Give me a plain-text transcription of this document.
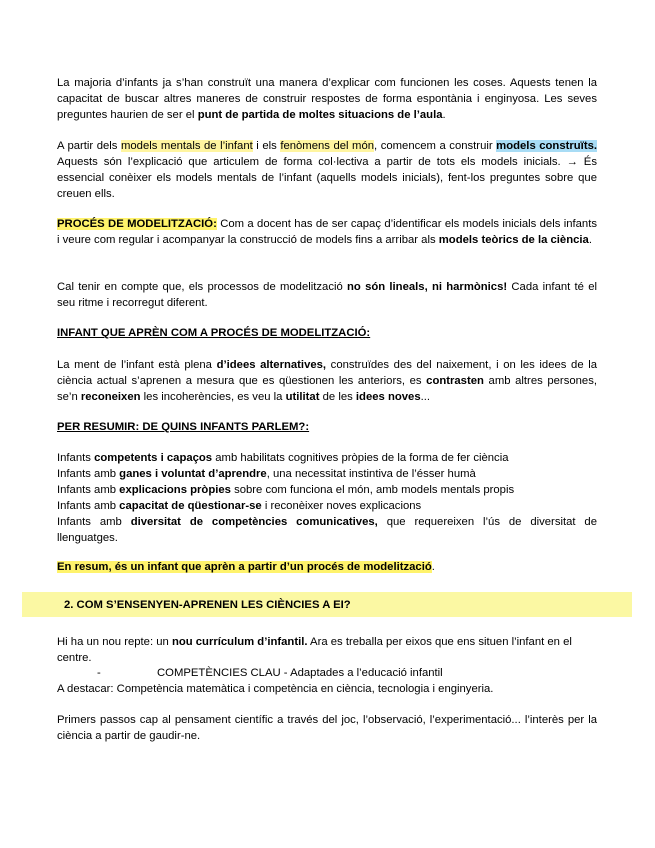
La majoria d’infants ja s’han construït una manera d’explicar com funcionen les coses. Aquests tenen la capacitat de buscar altres maneres de construir respostes de forma espontània i enginyosa. Les seves preguntes haurien de ser el punt de partida de moltes situacions de l’aula.

A partir dels models mentals de l’infant i els fenòmens del món, comencem a construir models construïts. Aquests són l’explicació que articulem de forma col·lectiva a partir de tots els models inicials. → És essencial conèixer els models mentals de l’infant (aquells models inicials), fent-los preguntes sobre que creuen ells.

PROCÉS DE MODELITZACIÓ: Com a docent has de ser capaç d’identificar els models inicials dels infants i veure com regular i acompanyar la construcció de models fins a arribar als models teòrics de la ciència.

Cal tenir en compte que, els processos de modelització no són lineals, ni harmònics! Cada infant té el seu ritme i recorregut diferent.

INFANT QUE APRÈN COM A PROCÉS DE MODELITZACIÓ:

La ment de l’infant està plena d’idees alternatives, construïdes des del naixement, i on les idees de la ciència actual s’aprenen a mesura que es qüestionen les anteriors, es contrasten amb altres persones, se’n reconeixen les incoherències, es veu la utilitat de les idees noves...

PER RESUMIR: DE QUINS INFANTS PARLEM?:

Infants competents i capaços amb habilitats cognitives pròpies de la forma de fer ciència
Infants amb ganes i voluntat d’aprendre, una necessitat instintiva de l’ésser humà
Infants amb explicacions pròpies sobre com funciona el món, amb models mentals propis
Infants amb capacitat de qüestionar-se i reconèixer noves explicacions
Infants amb diversitat de competències comunicatives, que requereixen l’ús de diversitat de llenguatges.

En resum, és un infant que aprèn a partir d’un procés de modelització.

2. COM S’ENSENYEN-APRENEN LES CIÈNCIES A EI?

Hi ha un nou repte: un nou currículum d’infantil. Ara es treballa per eixos que ens situen l’infant en el centre.

-	COMPETÈNCIES CLAU - Adaptades a l’educació infantil

A destacar: Competència matemàtica i competència en ciència, tecnologia i enginyeria.

Primers passos cap al pensament científic a través del joc, l’observació, l’experimentació... l’interès per la ciència a partir de gaudir-ne.
